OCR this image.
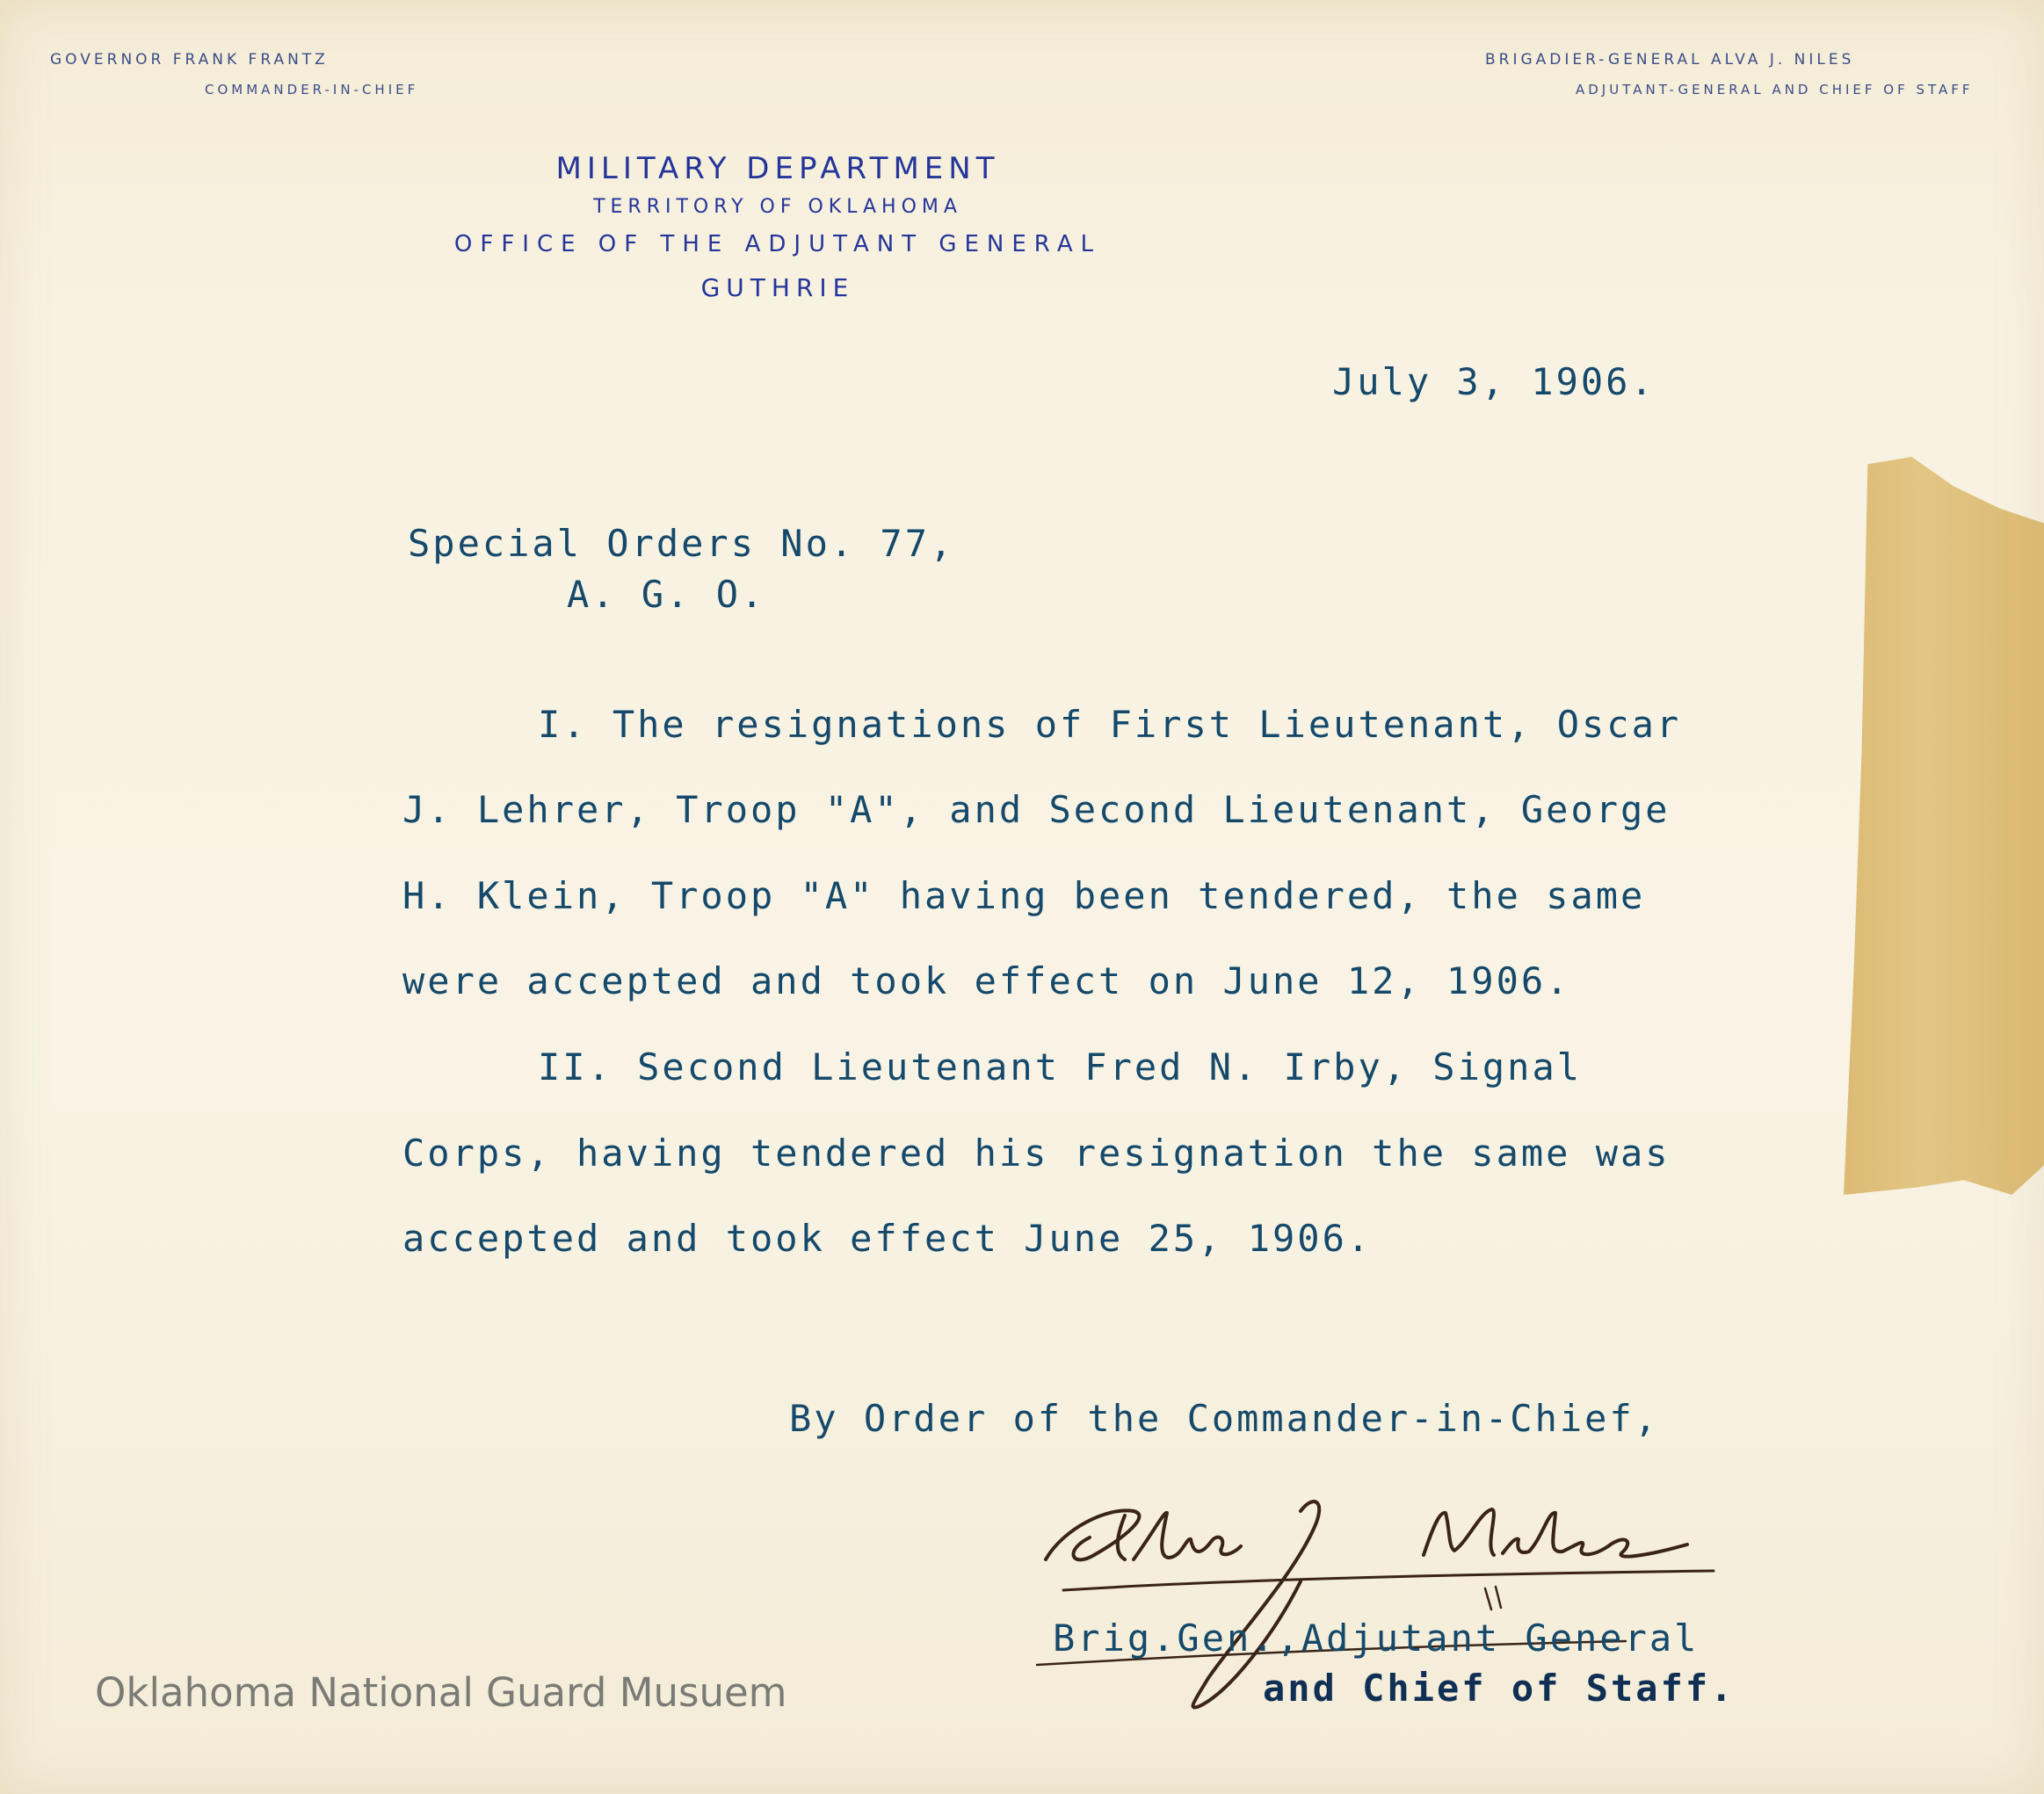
GOVERNOR FRANK FRANTZ
COMMANDER-IN-CHIEF
BRIGADIER-GENERAL ALVA J. NILES
ADJUTANT-GENERAL AND CHIEF OF STAFF
MILITARY DEPARTMENT
TERRITORY OF OKLAHOMA
OFFICE OF THE ADJUTANT GENERAL
GUTHRIE
July 3, 1906.
Special Orders No. 77,
A. G. O.
I. The resignations of First Lieutenant, Oscar
J. Lehrer, Troop "A", and Second Lieutenant, George
H. Klein, Troop "A" having been tendered, the same
were accepted and took effect on June 12, 1906.
II. Second Lieutenant Fred N. Irby, Signal
Corps, having tendered his resignation the same was
accepted and took effect June 25, 1906.
By Order of the Commander-in-Chief,
Brig.Gen.,Adjutant General
and Chief of Staff.
Oklahoma National Guard Musuem
